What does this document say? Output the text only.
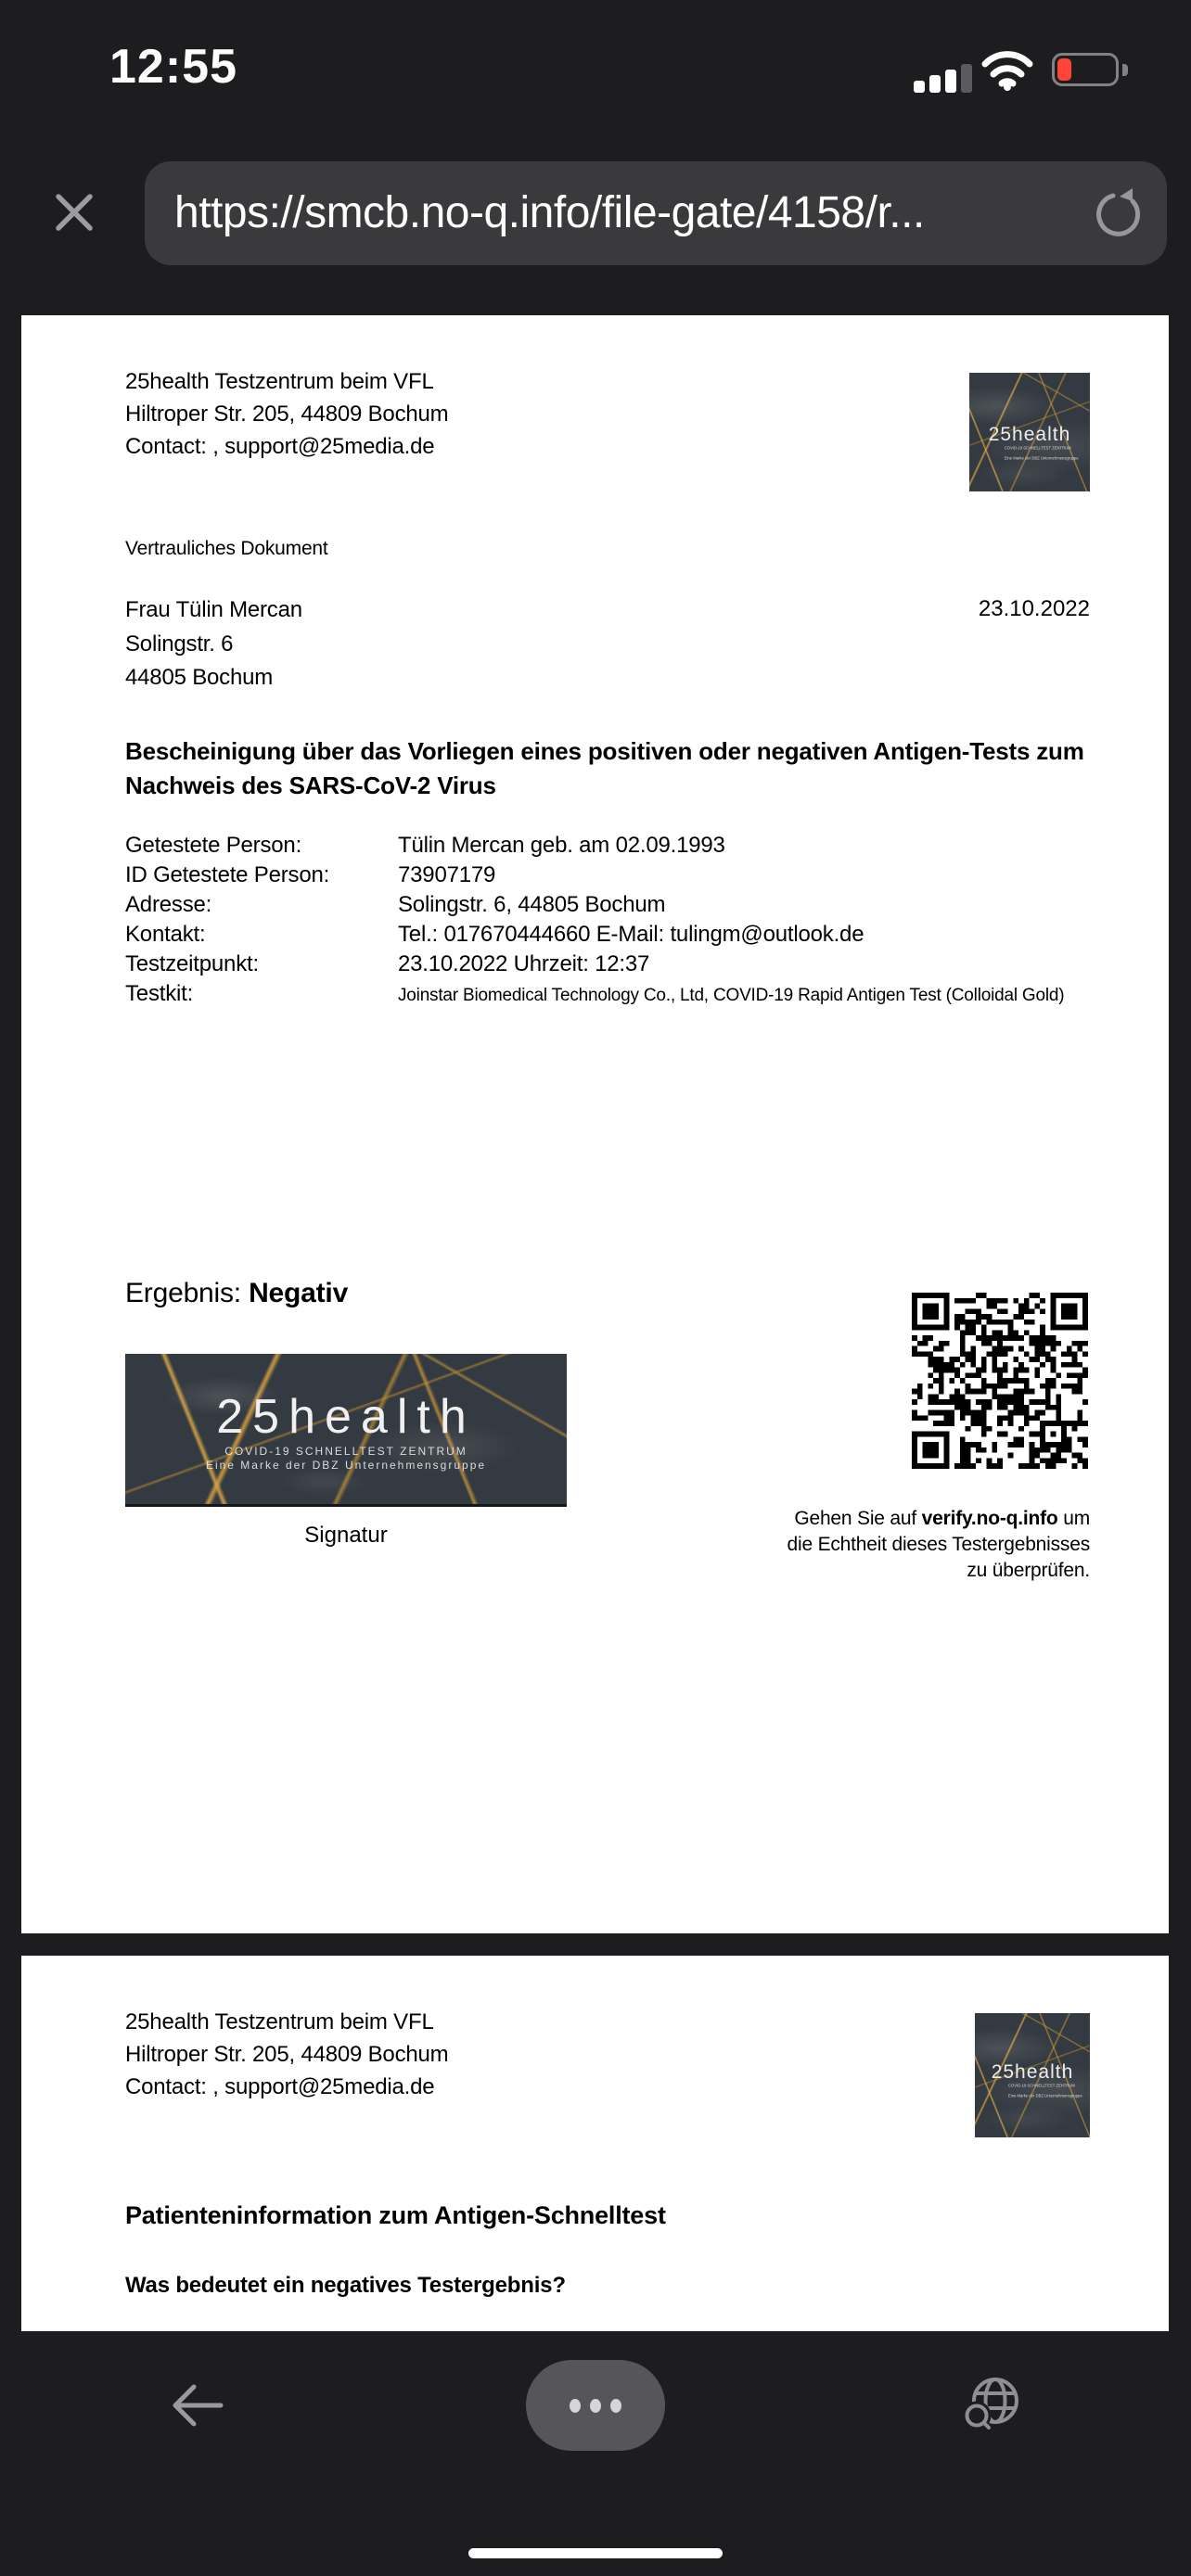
12:55
https://smcb.no-q.info/file-gate/4158/r...
25health Testzentrum beim VFL
Hiltroper Str. 205, 44809 Bochum
Contact: , support@25media.de	25health
COVID-19 SCHNELLTEST ZENTRUM
Eine Marke der DBZ Unternehmensgruppe
Vertrauliches Dokument
Frau Tülin Mercan
Solingstr. 6
44805 Bochum
23.10.2022
Bescheinigung über das Vorliegen eines positiven oder negativen Antigen-Tests zum
Nachweis des SARS-CoV-2 Virus
Getestete Person:	Tülin Mercan geb. am 02.09.1993
ID Getestete Person:	73907179
Adresse:	Solingstr. 6, 44805 Bochum
Kontakt:	Tel.: 017670444660 E-Mail: tulingm@outlook.de
Testzeitpunkt:	23.10.2022 Uhrzeit: 12:37
Testkit:	Joinstar Biomedical Technology Co., Ltd, COVID-19 Rapid Antigen Test (Colloidal Gold)
Ergebnis: Negativ
25health
COVID-19 SCHNELLTEST ZENTRUM
Eine Marke der DBZ Unternehmensgruppe
Signatur
Gehen Sie auf verify.no-q.info um
die Echtheit dieses Testergebnisses
zu überprüfen.
25health Testzentrum beim VFL
Hiltroper Str. 205, 44809 Bochum
Contact: , support@25media.de
25health
COVID-19 SCHNELLTEST ZENTRUM
Eine Marke der DBZ Unternehmensgruppe
Patienteninformation zum Antigen-Schnelltest
Was bedeutet ein negatives Testergebnis?
